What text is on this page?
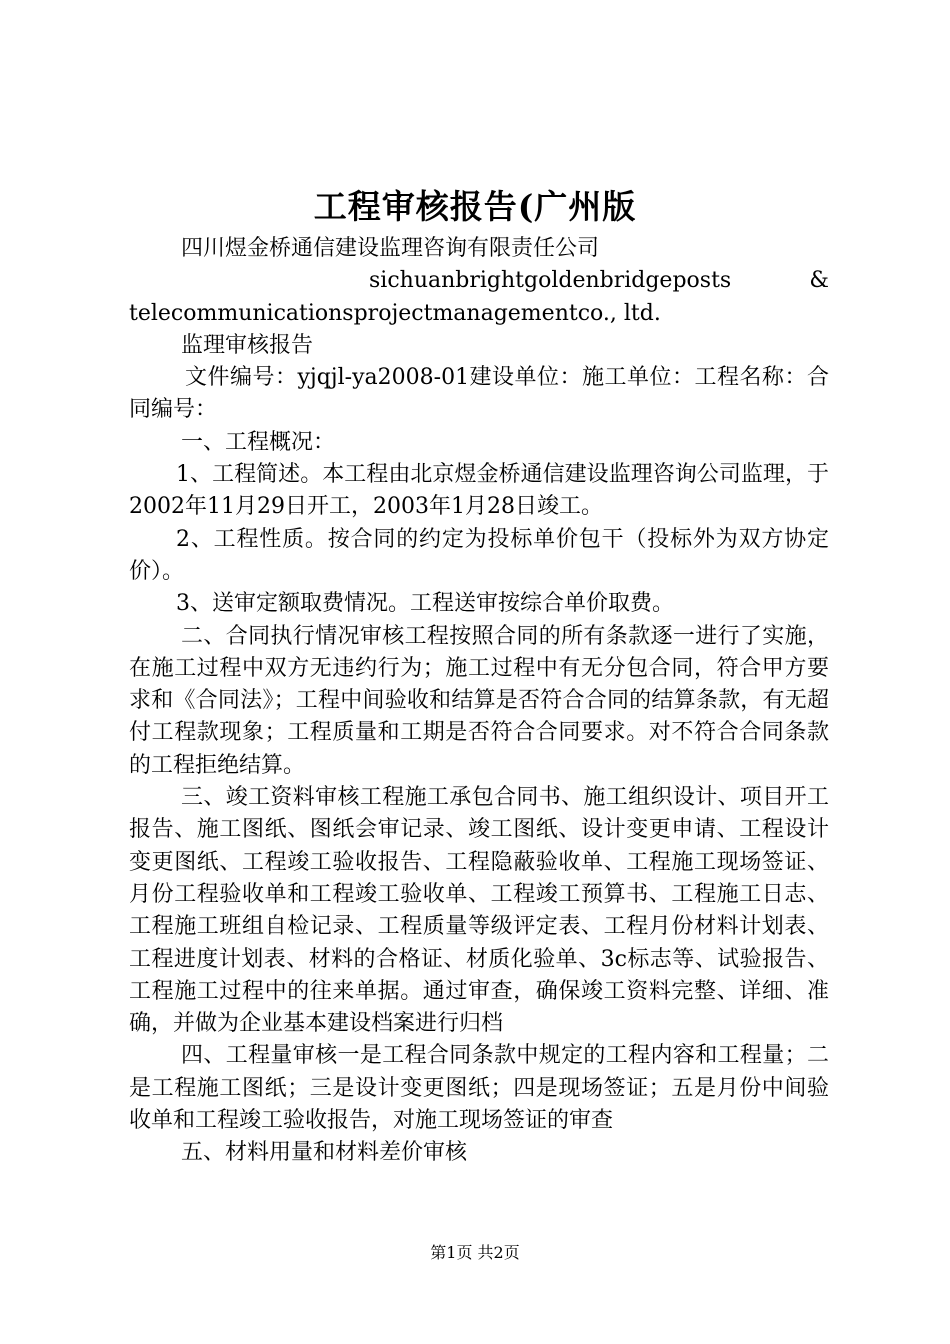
工程审核报告(广州版

四川煜金桥通信建设监理咨询有限责任公司

sichuanbrightgoldenbridgeposts &

telecommunicationsprojectmanagementco., ltd.

监理审核报告

文件编号：yjqjl-ya2008-01建设单位：施工单位：工程名称：合同编号：

一、工程概况：

1、工程简述。本工程由北京煜金桥通信建设监理咨询公司监理，于2002年11月29日开工，2003年1月28日竣工。

2、工程性质。按合同的约定为投标单价包干（投标外为双方协定价）。

3、送审定额取费情况。工程送审按综合单价取费。

二、合同执行情况审核工程按照合同的所有条款逐一进行了实施，在施工过程中双方无违约行为；施工过程中有无分包合同，符合甲方要求和《合同法》；工程中间验收和结算是否符合合同的结算条款，有无超付工程款现象；工程质量和工期是否符合合同要求。对不符合合同条款的工程拒绝结算。

三、竣工资料审核工程施工承包合同书、施工组织设计、项目开工报告、施工图纸、图纸会审记录、竣工图纸、设计变更申请、工程设计变更图纸、工程竣工验收报告、工程隐蔽验收单、工程施工现场签证、月份工程验收单和工程竣工验收单、工程竣工预算书、工程施工日志、工程施工班组自检记录、工程质量等级评定表、工程月份材料计划表、工程进度计划表、材料的合格证、材质化验单、3c标志等、试验报告、工程施工过程中的往来单据。通过审查，确保竣工资料完整、详细、准确，并做为企业基本建设档案进行归档

四、工程量审核一是工程合同条款中规定的工程内容和工程量；二是工程施工图纸；三是设计变更图纸；四是现场签证；五是月份中间验收单和工程竣工验收报告，对施工现场签证的审查

五、材料用量和材料差价审核

第1页 共2页
